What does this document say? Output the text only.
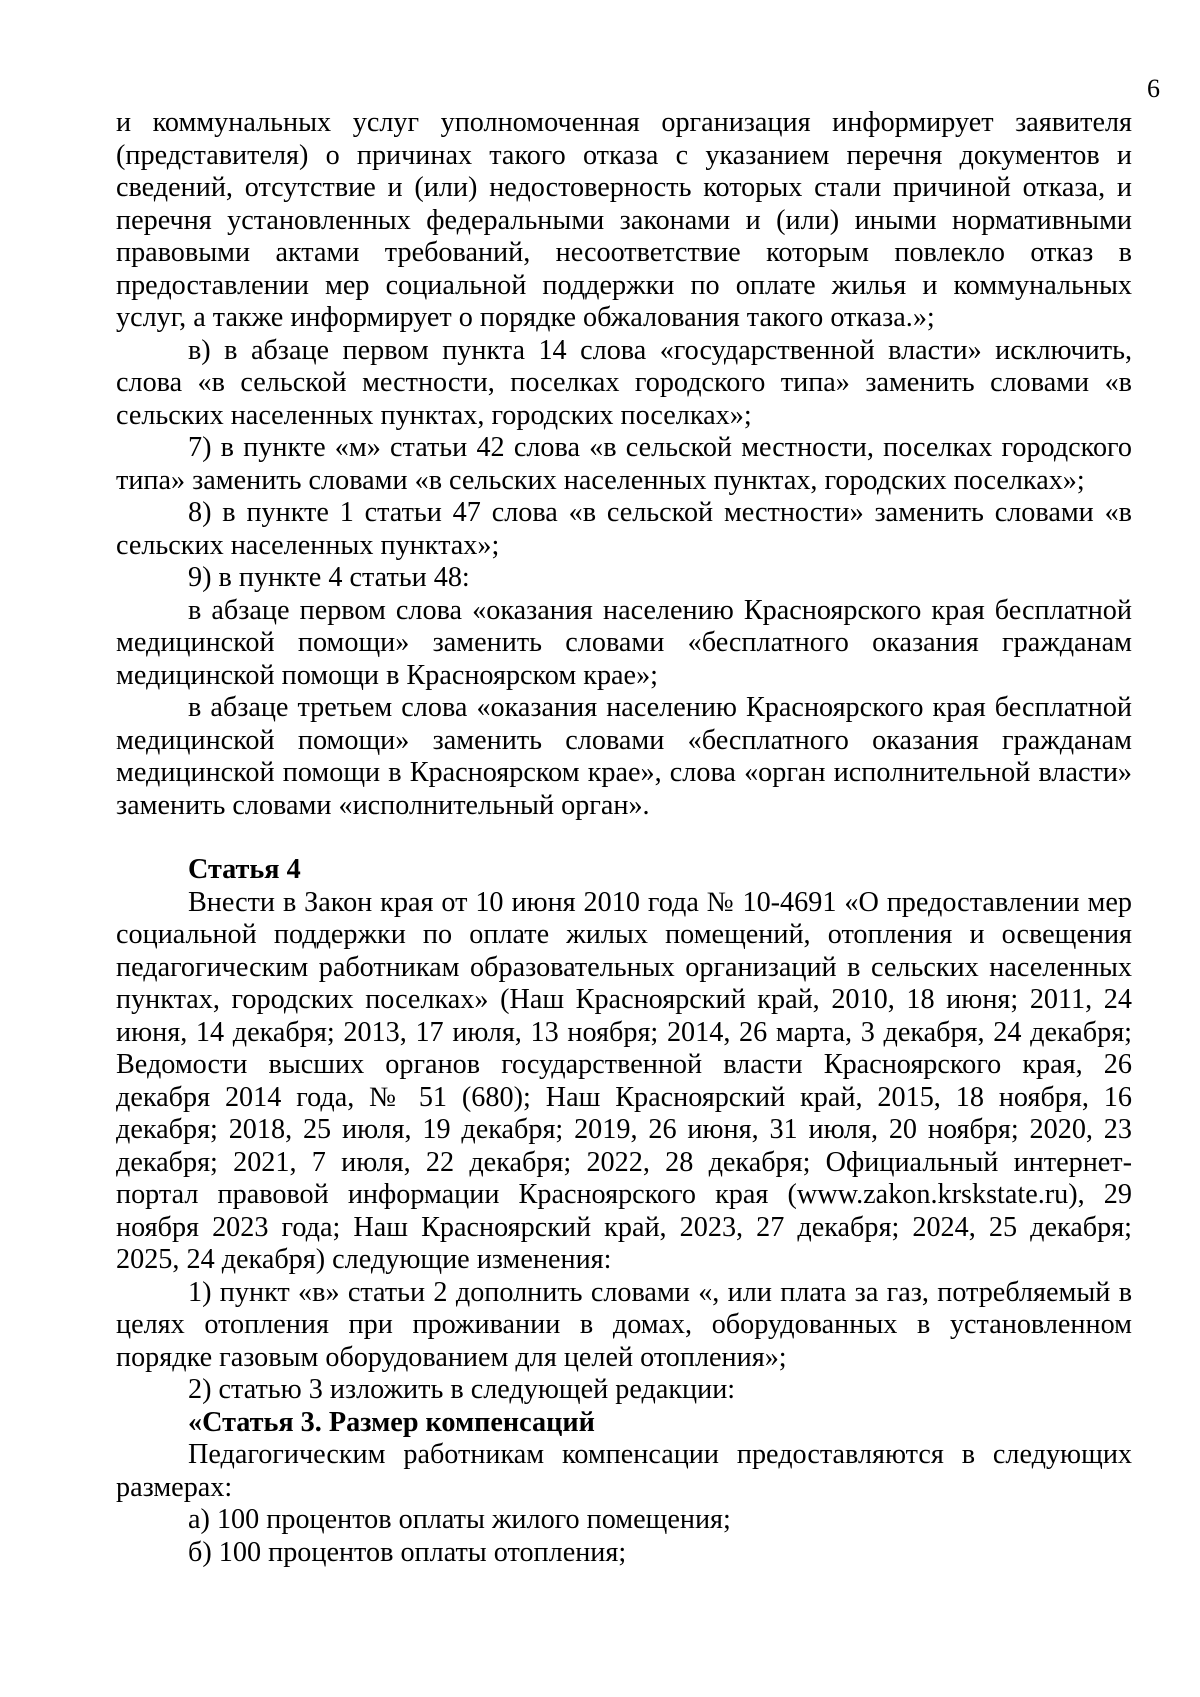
6

и коммунальных услуг уполномоченная организация информирует заявителя (представителя) о причинах такого отказа с указанием перечня документов и сведений, отсутствие и (или) недостоверность которых стали причиной отказа, и перечня установленных федеральными законами и (или) иными нормативными правовыми актами требований, несоответствие которым повлекло отказ в предоставлении мер социальной поддержки по оплате жилья и коммунальных услуг, а также информирует о порядке обжалования такого отказа.»;

в) в абзаце первом пункта 14 слова «государственной власти» исключить, слова «в сельской местности, поселках городского типа» заменить словами «в сельских населенных пунктах, городских поселках»;

7) в пункте «м» статьи 42 слова «в сельской местности, поселках городского типа» заменить словами «в сельских населенных пунктах, городских поселках»;

8) в пункте 1 статьи 47 слова «в сельской местности» заменить словами «в сельских населенных пунктах»;

9) в пункте 4 статьи 48:

в абзаце первом слова «оказания населению Красноярского края бесплатной медицинской помощи» заменить словами «бесплатного оказания гражданам медицинской помощи в Красноярском крае»;

в абзаце третьем слова «оказания населению Красноярского края бесплатной медицинской помощи» заменить словами «бесплатного оказания гражданам медицинской помощи в Красноярском крае», слова «орган исполнительной власти» заменить словами «исполнительный орган».

Статья 4

Внести в Закон края от 10 июня 2010 года № 10-4691 «О предоставлении мер социальной поддержки по оплате жилых помещений, отопления и освещения педагогическим работникам образовательных организаций в сельских населенных пунктах, городских поселках» (Наш Красноярский край, 2010, 18 июня; 2011, 24 июня, 14 декабря; 2013, 17 июля, 13 ноября; 2014, 26 марта, 3 декабря, 24 декабря; Ведомости высших органов государственной власти Красноярского края, 26 декабря 2014 года, № 51 (680); Наш Красноярский край, 2015, 18 ноября, 16 декабря; 2018, 25 июля, 19 декабря; 2019, 26 июня, 31 июля, 20 ноября; 2020, 23 декабря; 2021, 7 июля, 22 декабря; 2022, 28 декабря; Официальный интернет-портал правовой информации Красноярского края (www.zakon.krskstate.ru), 29 ноября 2023 года; Наш Красноярский край, 2023, 27 декабря; 2024, 25 декабря; 2025, 24 декабря) следующие изменения:

1) пункт «в» статьи 2 дополнить словами «, или плата за газ, потребляемый в целях отопления при проживании в домах, оборудованных в установленном порядке газовым оборудованием для целей отопления»;

2) статью 3 изложить в следующей редакции:

«Статья 3. Размер компенсаций

Педагогическим работникам компенсации предоставляются в следующих размерах:

а) 100 процентов оплаты жилого помещения;

б) 100 процентов оплаты отопления;
